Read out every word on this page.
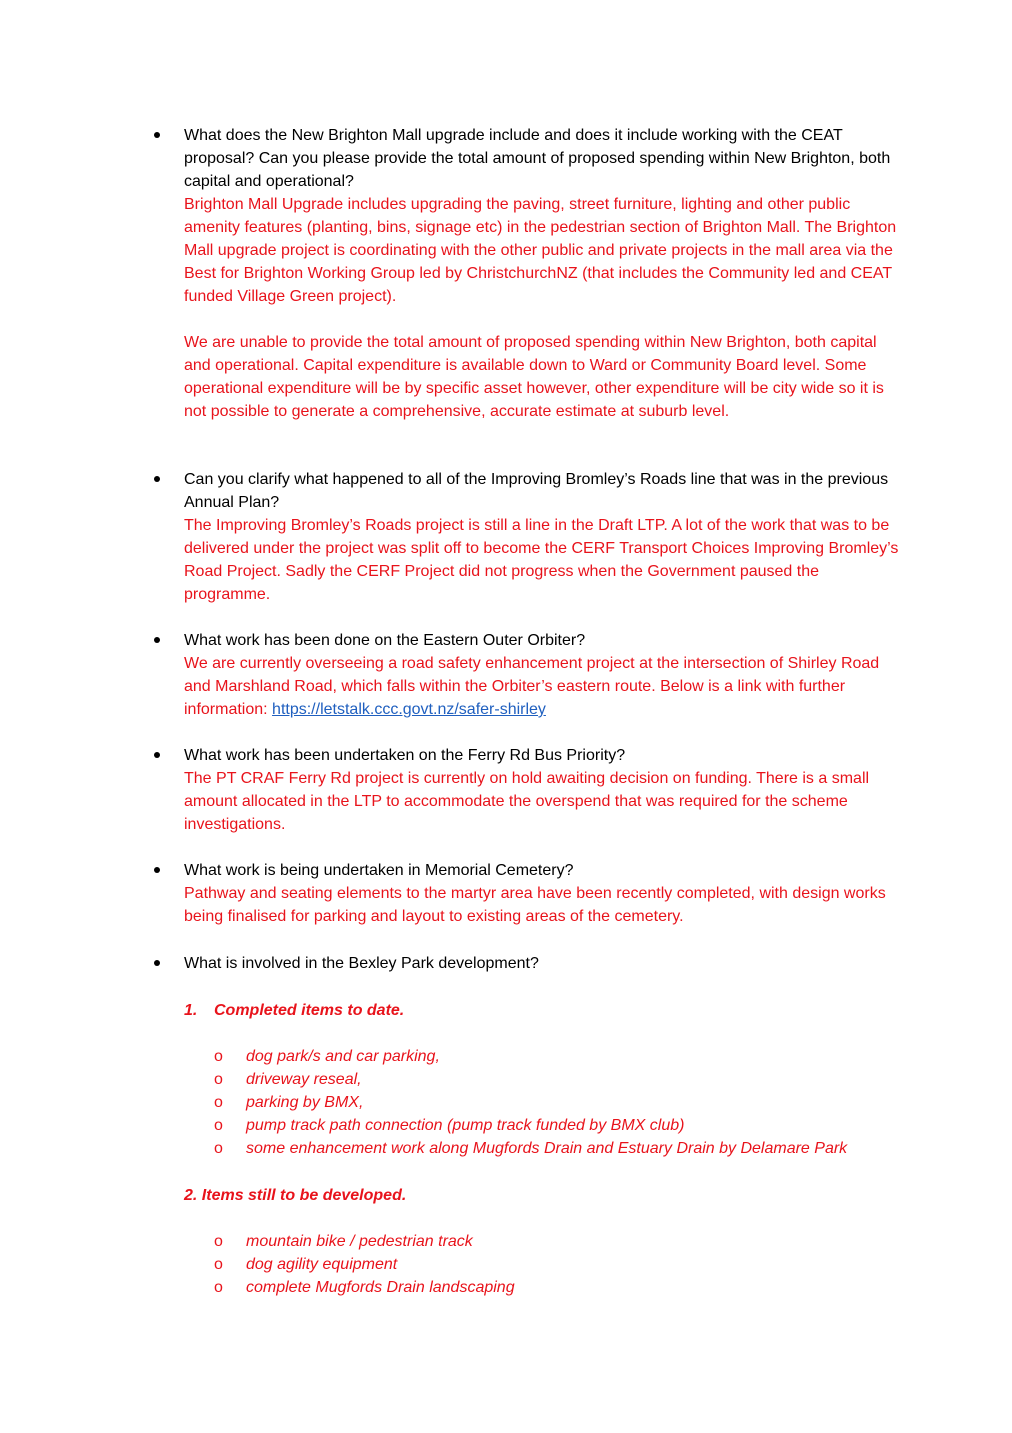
What does the New Brighton Mall upgrade include and does it include working with the CEAT proposal? Can you please provide the total amount of proposed spending within New Brighton, both capital and operational?

Brighton Mall Upgrade includes upgrading the paving, street furniture, lighting and other public amenity features (planting, bins, signage etc) in the pedestrian section of Brighton Mall. The Brighton Mall upgrade project is coordinating with the other public and private projects in the mall area via the Best for Brighton Working Group led by ChristchurchNZ (that includes the Community led and CEAT funded Village Green project).

We are unable to provide the total amount of proposed spending within New Brighton, both capital and operational. Capital expenditure is available down to Ward or Community Board level. Some operational expenditure will be by specific asset however, other expenditure will be city wide so it is not possible to generate a comprehensive, accurate estimate at suburb level.

Can you clarify what happened to all of the Improving Bromley’s Roads line that was in the previous Annual Plan?

The Improving Bromley’s Roads project is still a line in the Draft LTP. A lot of the work that was to be delivered under the project was split off to become the CERF Transport Choices Improving Bromley’s Road Project. Sadly the CERF Project did not progress when the Government paused the programme.

What work has been done on the Eastern Outer Orbiter?

We are currently overseeing a road safety enhancement project at the intersection of Shirley Road and Marshland Road, which falls within the Orbiter’s eastern route. Below is a link with further information: https://letstalk.ccc.govt.nz/safer-shirley

What work has been undertaken on the Ferry Rd Bus Priority?

The PT CRAF Ferry Rd project is currently on hold awaiting decision on funding. There is a small amount allocated in the LTP to accommodate the overspend that was required for the scheme investigations.

What work is being undertaken in Memorial Cemetery?

Pathway and seating elements to the martyr area have been recently completed, with design works being finalised for parking and layout to existing areas of the cemetery.

What is involved in the Bexley Park development?

1. Completed items to date.

o dog park/s and car parking,
o driveway reseal,
o parking by BMX,
o pump track path connection (pump track funded by BMX club)
o some enhancement work along Mugfords Drain and Estuary Drain by Delamare Park

2. Items still to be developed.

o mountain bike / pedestrian track
o dog agility equipment
o complete Mugfords Drain landscaping
